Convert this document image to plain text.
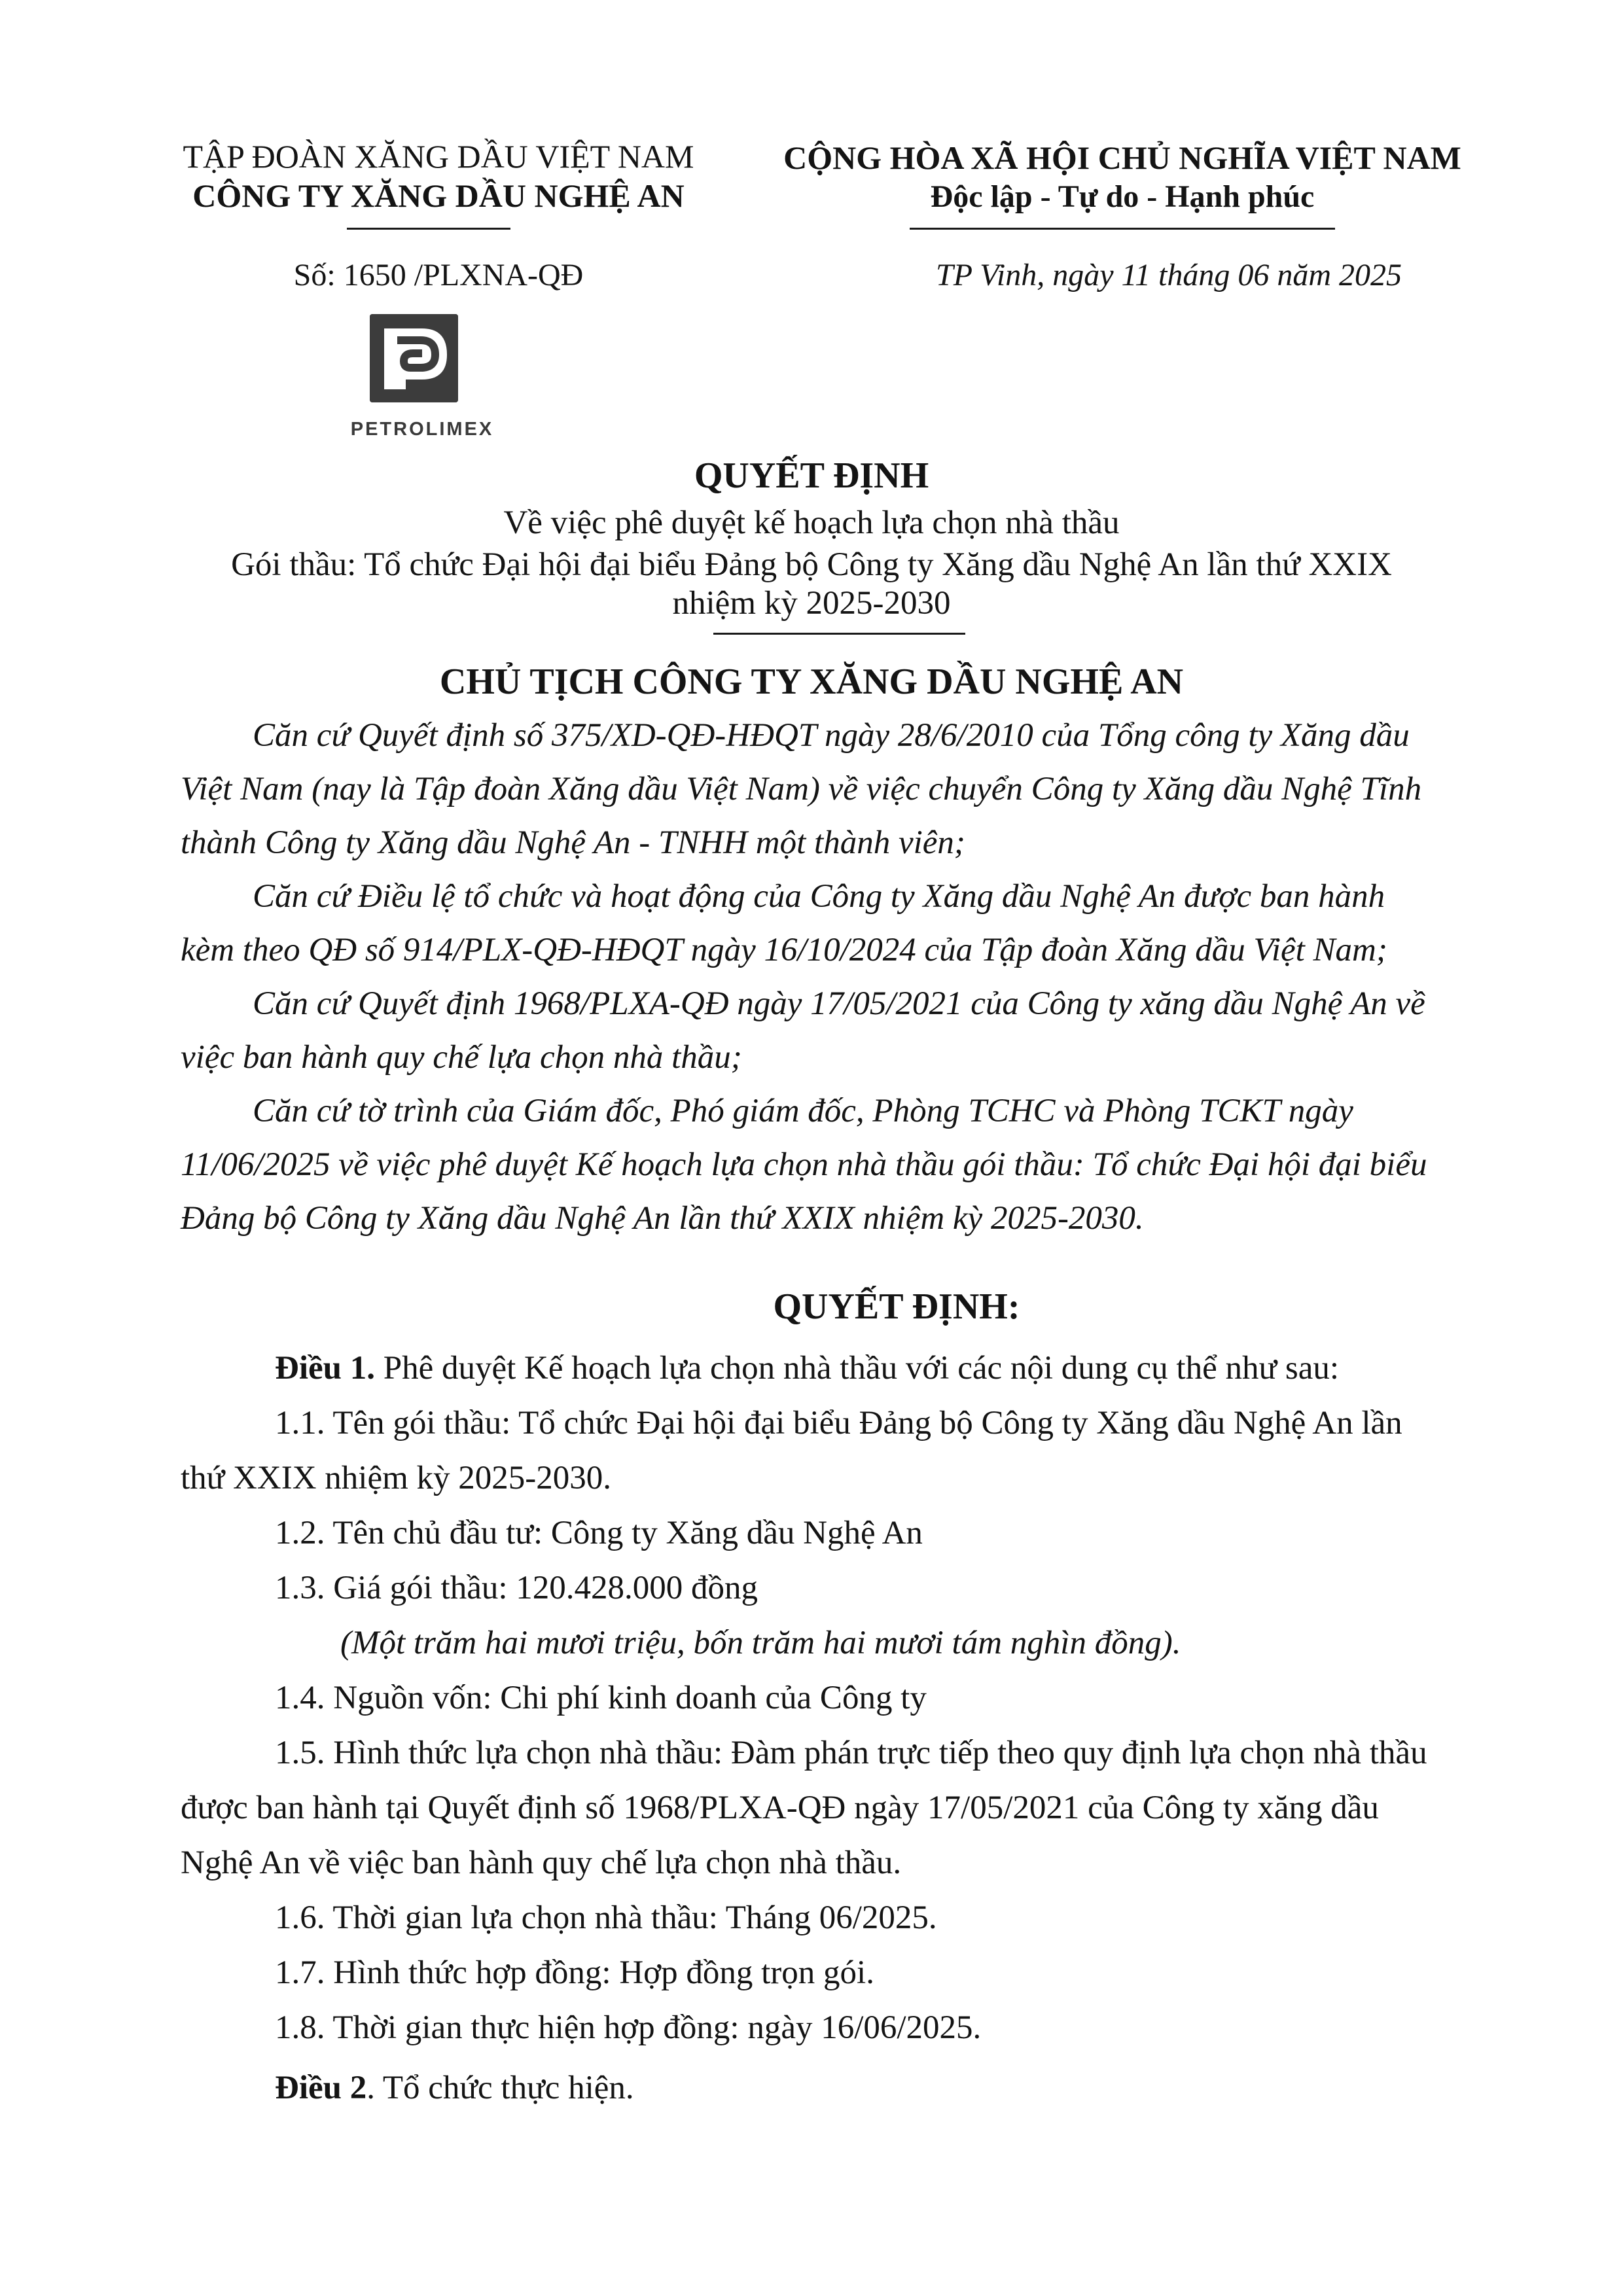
TẬP ĐOÀN XĂNG DẦU VIỆT NAM
CÔNG TY XĂNG DẦU NGHỆ AN
Số: 1650 /PLXNA-QĐ
PETROLIMEX
CỘNG HÒA XÃ HỘI CHỦ NGHĨA VIỆT NAM
Độc lập - Tự do - Hạnh phúc
TP Vinh, ngày 11 tháng 06 năm 2025
QUYẾT ĐỊNH
Về việc phê duyệt kế hoạch lựa chọn nhà thầu
Gói thầu: Tổ chức Đại hội đại biểu Đảng bộ Công ty Xăng dầu Nghệ An lần thứ XXIX
nhiệm kỳ 2025-2030
CHỦ TỊCH CÔNG TY XĂNG DẦU NGHỆ AN
Căn cứ Quyết định số 375/XD-QĐ-HĐQT ngày 28/6/2010 của Tổng công ty Xăng dầu
Việt Nam (nay là Tập đoàn Xăng dầu Việt Nam) về việc chuyển Công ty Xăng dầu Nghệ Tĩnh
thành Công ty Xăng dầu Nghệ An - TNHH một thành viên;
Căn cứ Điều lệ tổ chức và hoạt động của Công ty Xăng dầu Nghệ An được ban hành
kèm theo QĐ số 914/PLX-QĐ-HĐQT ngày 16/10/2024 của Tập đoàn Xăng dầu Việt Nam;
Căn cứ Quyết định 1968/PLXA-QĐ ngày 17/05/2021 của Công ty xăng dầu Nghệ An về
việc ban hành quy chế lựa chọn nhà thầu;
Căn cứ tờ trình của Giám đốc, Phó giám đốc, Phòng TCHC và Phòng TCKT ngày
11/06/2025 về việc phê duyệt Kế hoạch lựa chọn nhà thầu gói thầu: Tổ chức Đại hội đại biểu
Đảng bộ Công ty Xăng dầu Nghệ An lần thứ XXIX nhiệm kỳ 2025-2030.
QUYẾT ĐỊNH:
Điều 1. Phê duyệt Kế hoạch lựa chọn nhà thầu với các nội dung cụ thể như sau:
1.1. Tên gói thầu: Tổ chức Đại hội đại biểu Đảng bộ Công ty Xăng dầu Nghệ An lần
thứ XXIX nhiệm kỳ 2025-2030.
1.2. Tên chủ đầu tư: Công ty Xăng dầu Nghệ An
1.3. Giá gói thầu: 120.428.000 đồng
(Một trăm hai mươi triệu, bốn trăm hai mươi tám nghìn đồng).
1.4. Nguồn vốn: Chi phí kinh doanh của Công ty
1.5. Hình thức lựa chọn nhà thầu: Đàm phán trực tiếp theo quy định lựa chọn nhà thầu
được ban hành tại Quyết định số 1968/PLXA-QĐ ngày 17/05/2021 của Công ty xăng dầu
Nghệ An về việc ban hành quy chế lựa chọn nhà thầu.
1.6. Thời gian lựa chọn nhà thầu: Tháng 06/2025.
1.7. Hình thức hợp đồng: Hợp đồng trọn gói.
1.8. Thời gian thực hiện hợp đồng: ngày 16/06/2025.
Điều 2. Tổ chức thực hiện.
